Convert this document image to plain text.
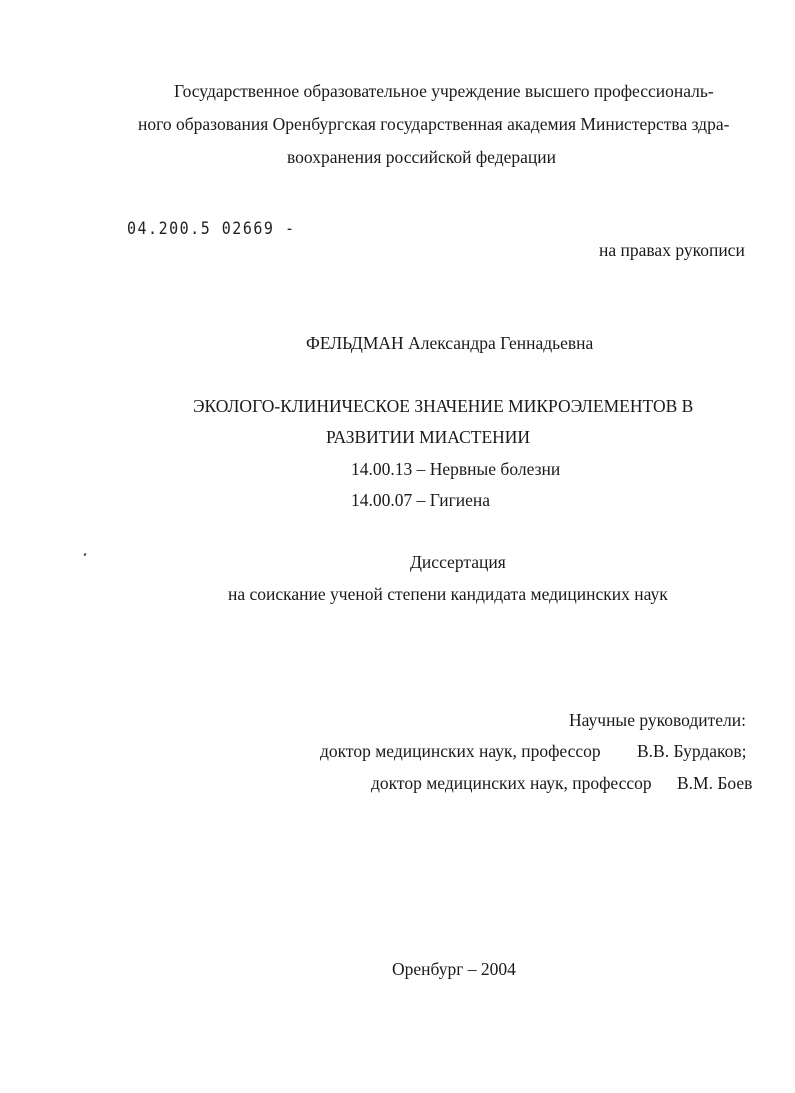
Государственное образовательное учреждение высшего профессиональ-
ного образования Оренбургская государственная академия Министерства здра-
воохранения российской федерации
04.200.5 02669 -
на правах рукописи
ФЕЛЬДМАН Александра Геннадьевна
ЭКОЛОГО-КЛИНИЧЕСКОЕ ЗНАЧЕНИЕ МИКРОЭЛЕМЕНТОВ В
РАЗВИТИИ МИАСТЕНИИ
14.00.13 – Нервные болезни
14.00.07 – Гигиена
Диссертация
на соискание ученой степени кандидата медицинских наук
Научные руководители:
доктор медицинских наук, профессор В.В. Бурдаков;
доктор медицинских наук, профессор В.М. Боев
Оренбург – 2004
